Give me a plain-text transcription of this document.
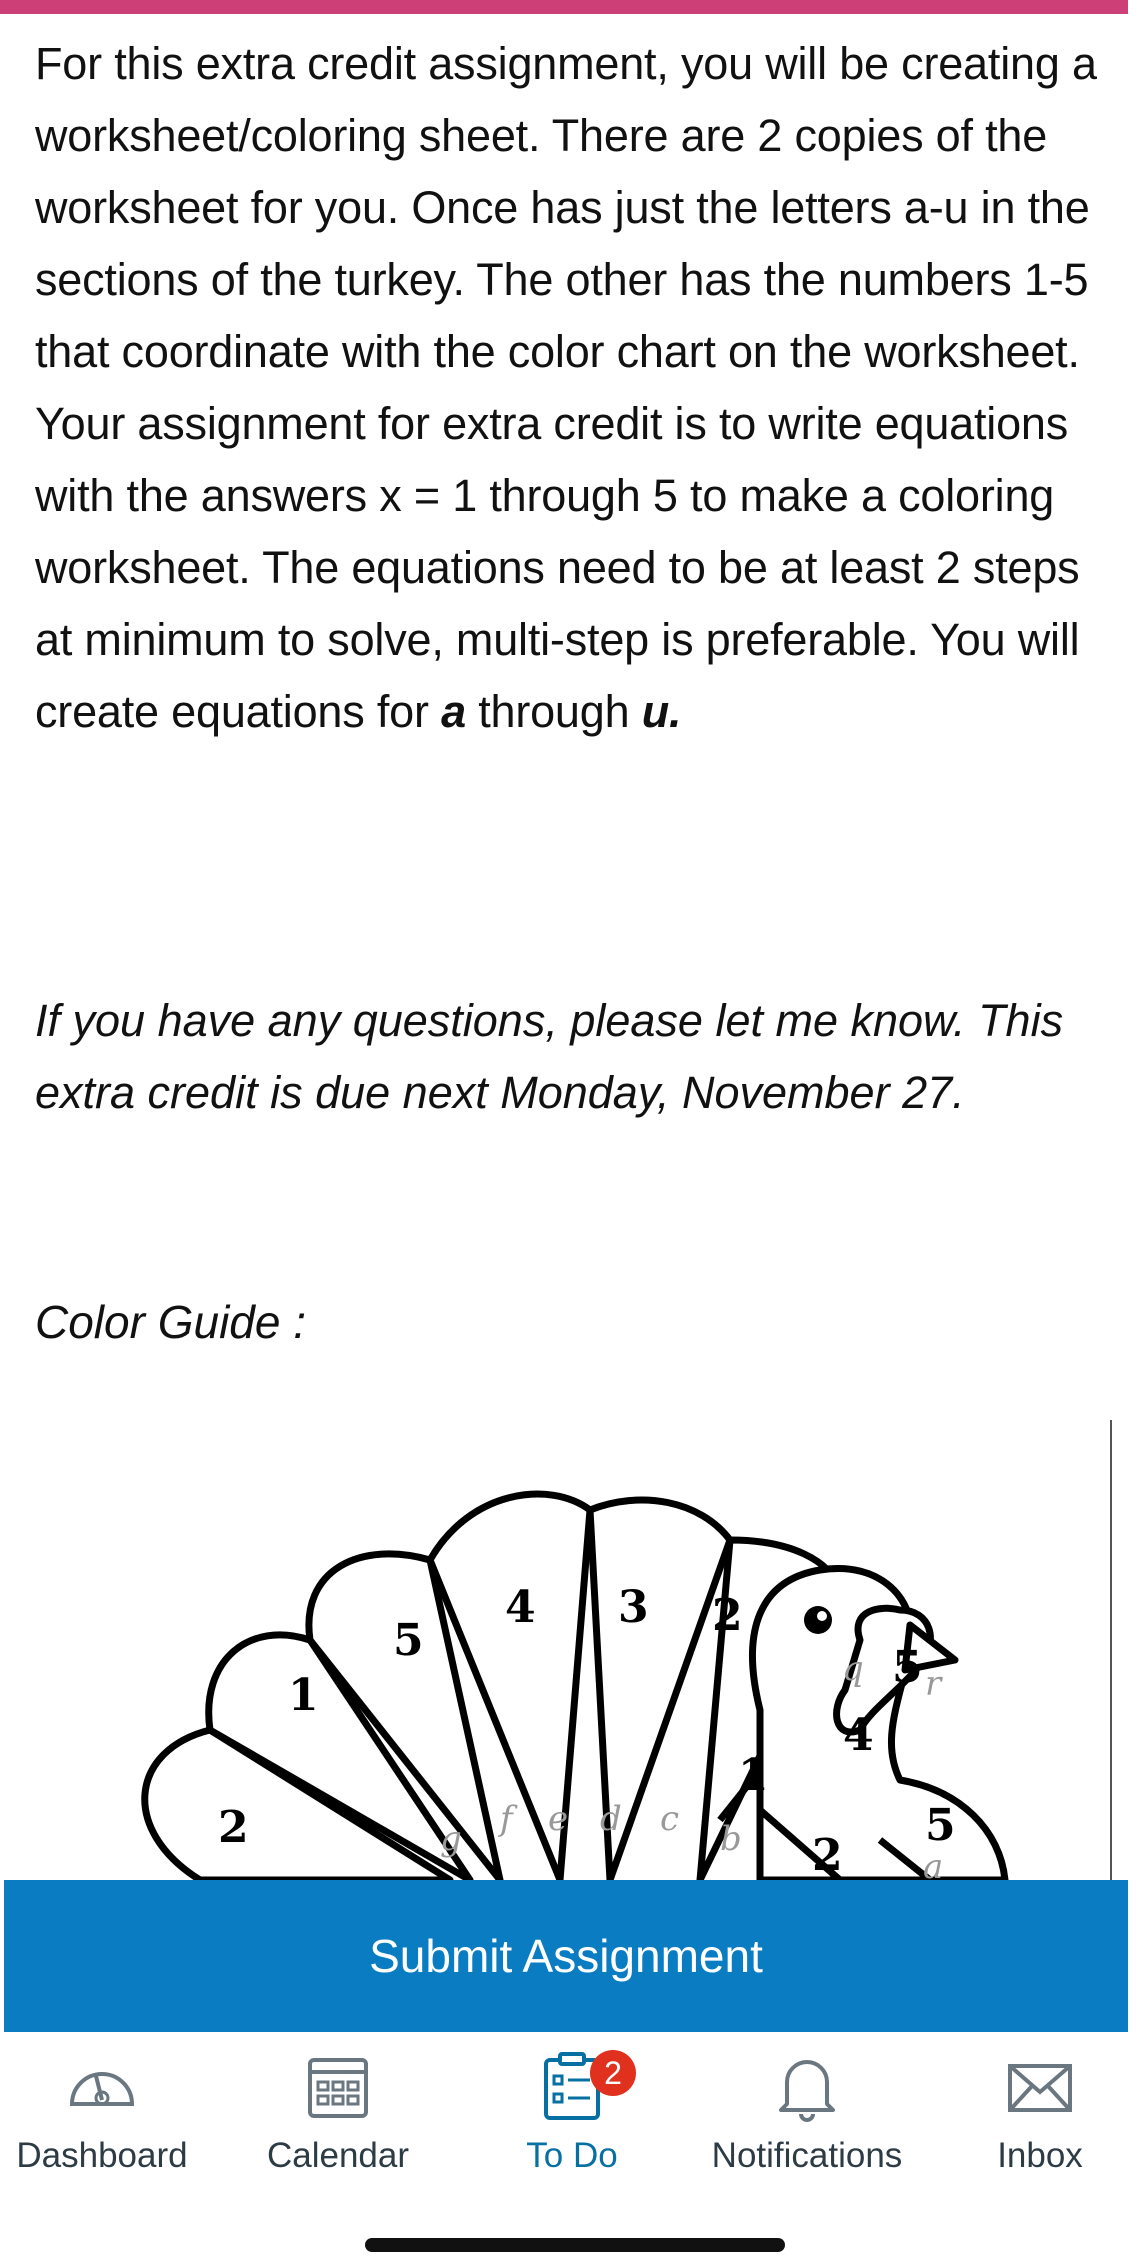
For this extra credit assignment, you will be creating a worksheet/coloring sheet. There are 2 copies of the worksheet for you. Once has just the letters a-u in the sections of the turkey. The other has the numbers 1-5 that coordinate with the color chart on the worksheet. Your assignment for extra credit is to write equations with the answers x = 1 through 5 to make a coloring worksheet. The equations need to be at least 2 steps at minimum to solve, multi-step is preferable. You will create equations for a through u.

If you have any questions, please let me know. This extra credit is due next Monday, November 27.

Color Guide :

2
1
5
4 3 2
1
2
4
5
5
g f e d c b
q r
a
Submit Assignment
Dashboard	Calendar
2
To Do	Notifications	Inbox
